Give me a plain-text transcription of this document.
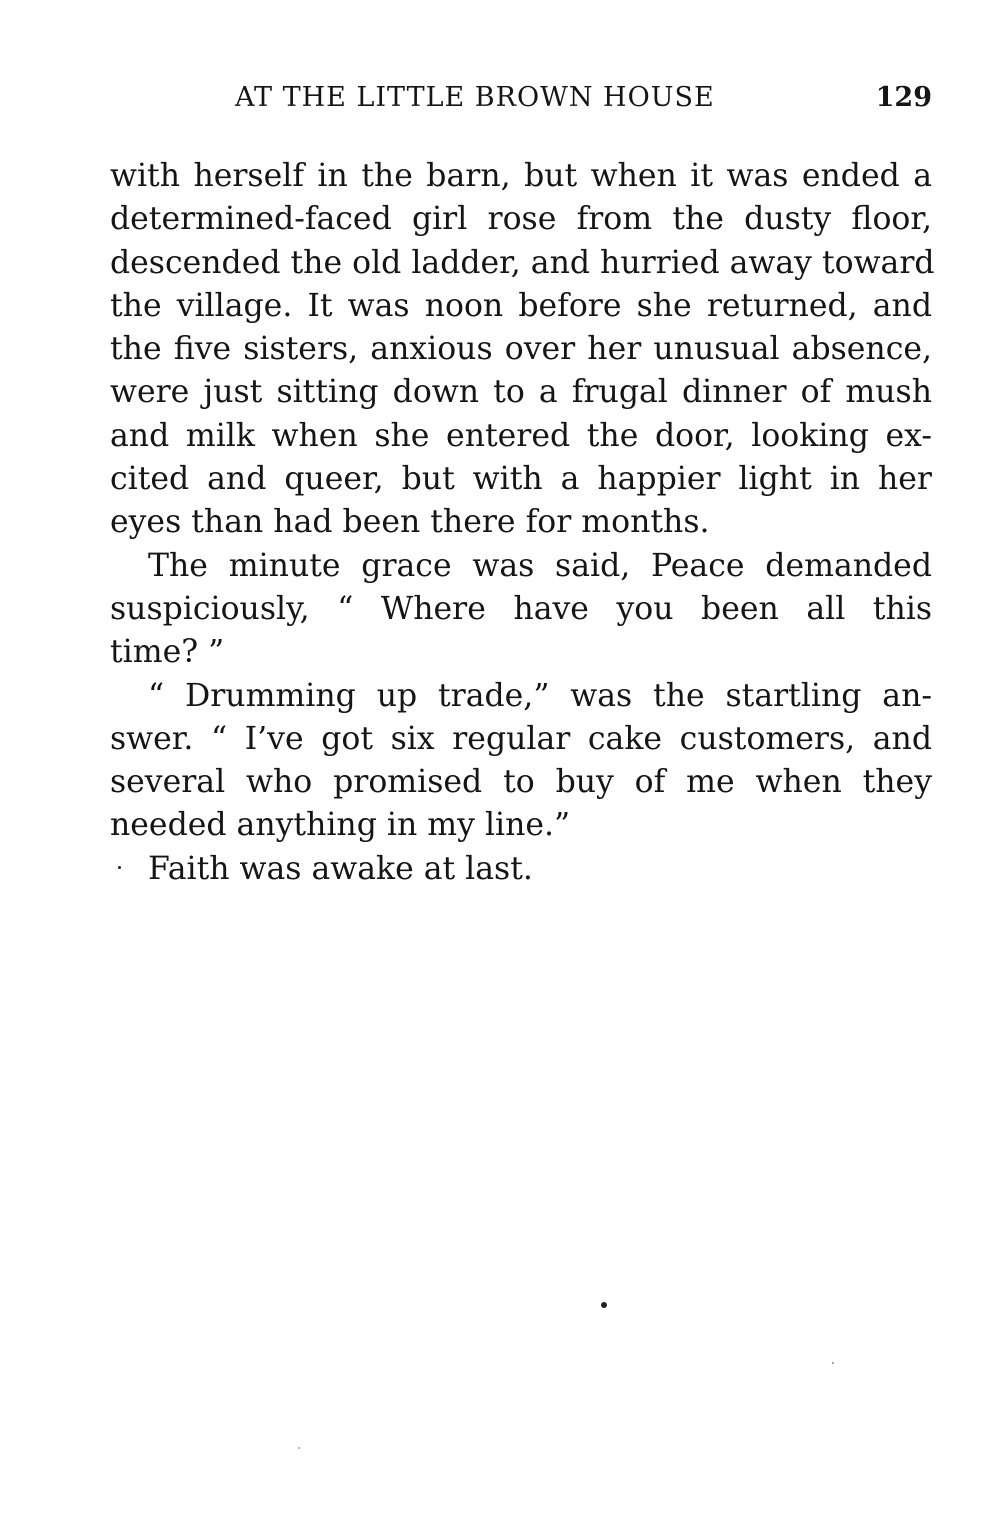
AT THE LITTLE BROWN HOUSE	129
with herself in the barn, but when it was ended a
determined-faced girl rose from the dusty floor,
descended the old ladder, and hurried away toward
the village. It was noon before she returned, and
the five sisters, anxious over her unusual absence,
were just sitting down to a frugal dinner of mush
and milk when she entered the door, looking ex-
cited and queer, but with a happier light in her
eyes than had been there for months.
The minute grace was said, Peace demanded
suspiciously, “ Where have you been all this
time? ”
“ Drumming up trade,” was the startling an-
swer. “ I’ve got six regular cake customers, and
several who promised to buy of me when they
needed anything in my line.”
Faith was awake at last.
